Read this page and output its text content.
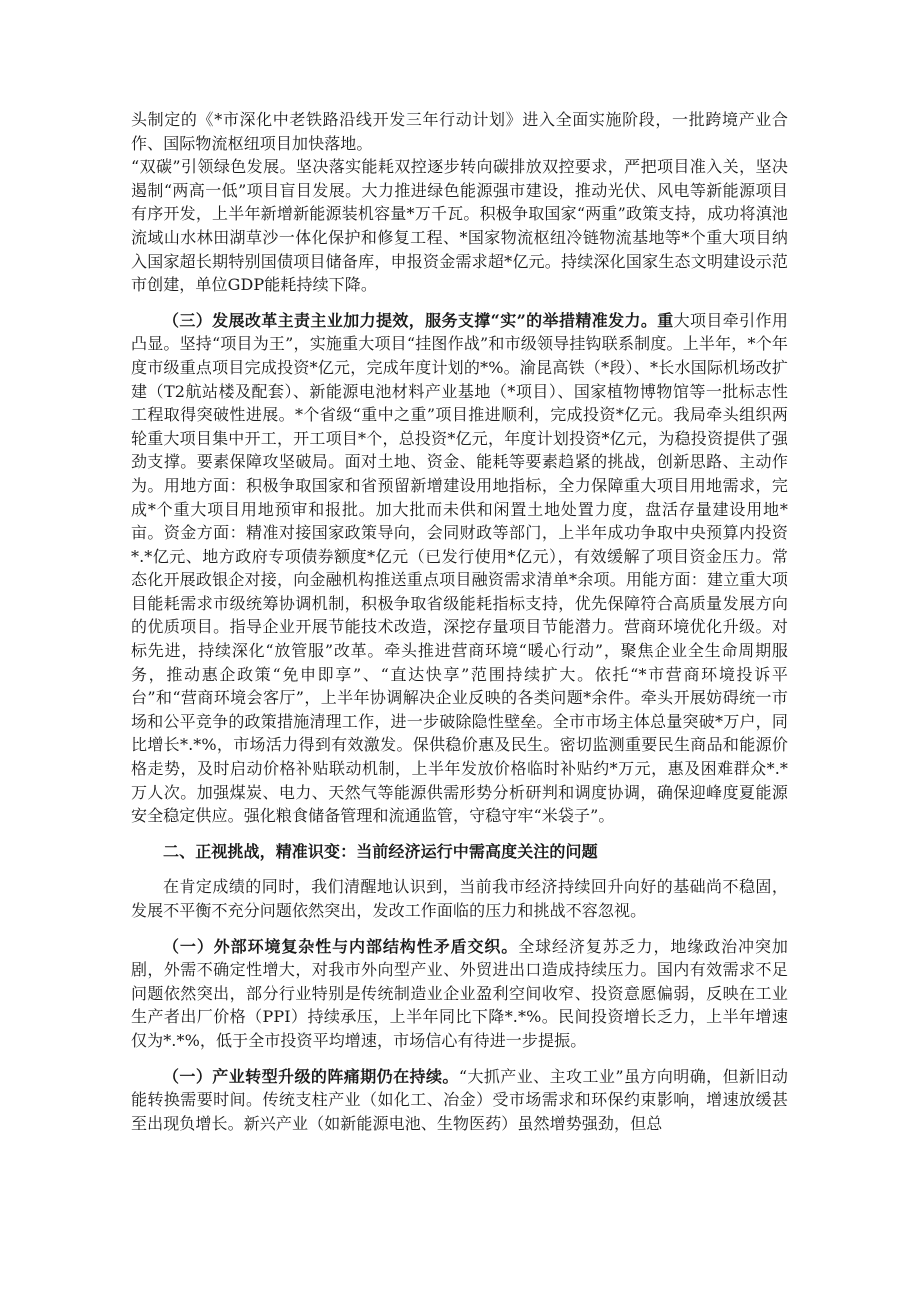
头制定的《*市深化中老铁路沿线开发三年行动计划》进入全面实施阶段，一批跨境产业合作、国际物流枢纽项目加快落地。

“双碳”引领绿色发展。坚决落实能耗双控逐步转向碳排放双控要求，严把项目准入关，坚决遏制“两高一低”项目盲目发展。大力推进绿色能源强市建设，推动光伏、风电等新能源项目有序开发，上半年新增新能源装机容量*万千瓦。积极争取国家“两重”政策支持，成功将滇池流域山水林田湖草沙一体化保护和修复工程、*国家物流枢纽冷链物流基地等*个重大项目纳入国家超长期特别国债项目储备库，申报资金需求超*亿元。持续深化国家生态文明建设示范市创建，单位GDP能耗持续下降。

（三）发展改革主责主业加力提效，服务支撑“实”的举措精准发力。重大项目牵引作用凸显。坚持“项目为王”，实施重大项目“挂图作战”和市级领导挂钩联系制度。上半年，*个年度市级重点项目完成投资*亿元，完成年度计划的*%。渝昆高铁（*段）、*长水国际机场改扩建（T2航站楼及配套）、新能源电池材料产业基地（*项目）、国家植物博物馆等一批标志性工程取得突破性进展。*个省级“重中之重”项目推进顺利，完成投资*亿元。我局牵头组织两轮重大项目集中开工，开工项目*个，总投资*亿元，年度计划投资*亿元，为稳投资提供了强劲支撑。要素保障攻坚破局。面对土地、资金、能耗等要素趋紧的挑战，创新思路、主动作为。用地方面：积极争取国家和省预留新增建设用地指标，全力保障重大项目用地需求，完成*个重大项目用地预审和报批。加大批而未供和闲置土地处置力度，盘活存量建设用地*亩。资金方面：精准对接国家政策导向，会同财政等部门，上半年成功争取中央预算内投资*.*亿元、地方政府专项债券额度*亿元（已发行使用*亿元），有效缓解了项目资金压力。常态化开展政银企对接，向金融机构推送重点项目融资需求清单*余项。用能方面：建立重大项目能耗需求市级统筹协调机制，积极争取省级能耗指标支持，优先保障符合高质量发展方向的优质项目。指导企业开展节能技术改造，深挖存量项目节能潜力。营商环境优化升级。对标先进，持续深化“放管服”改革。牵头推进营商环境“暖心行动”，聚焦企业全生命周期服务，推动惠企政策“免申即享”、“直达快享”范围持续扩大。依托“*市营商环境投诉平台”和“营商环境会客厅”，上半年协调解决企业反映的各类问题*余件。牵头开展妨碍统一市场和公平竞争的政策措施清理工作，进一步破除隐性壁垒。全市市场主体总量突破*万户，同比增长*.*%，市场活力得到有效激发。保供稳价惠及民生。密切监测重要民生商品和能源价格走势，及时启动价格补贴联动机制，上半年发放价格临时补贴约*万元，惠及困难群众*.*万人次。加强煤炭、电力、天然气等能源供需形势分析研判和调度协调，确保迎峰度夏能源安全稳定供应。强化粮食储备管理和流通监管，守稳守牢“米袋子”。

二、正视挑战，精准识变：当前经济运行中需高度关注的问题

在肯定成绩的同时，我们清醒地认识到，当前我市经济持续回升向好的基础尚不稳固，发展不平衡不充分问题依然突出，发改工作面临的压力和挑战不容忽视。

（一）外部环境复杂性与内部结构性矛盾交织。全球经济复苏乏力，地缘政治冲突加剧，外需不确定性增大，对我市外向型产业、外贸进出口造成持续压力。国内有效需求不足问题依然突出，部分行业特别是传统制造业企业盈利空间收窄、投资意愿偏弱，反映在工业生产者出厂价格（PPI）持续承压，上半年同比下降*.*%。民间投资增长乏力，上半年增速仅为*.*%，低于全市投资平均增速，市场信心有待进一步提振。

（一）产业转型升级的阵痛期仍在持续。“大抓产业、主攻工业”虽方向明确，但新旧动能转换需要时间。传统支柱产业（如化工、冶金）受市场需求和环保约束影响，增速放缓甚至出现负增长。新兴产业（如新能源电池、生物医药）虽然增势强劲，但总
